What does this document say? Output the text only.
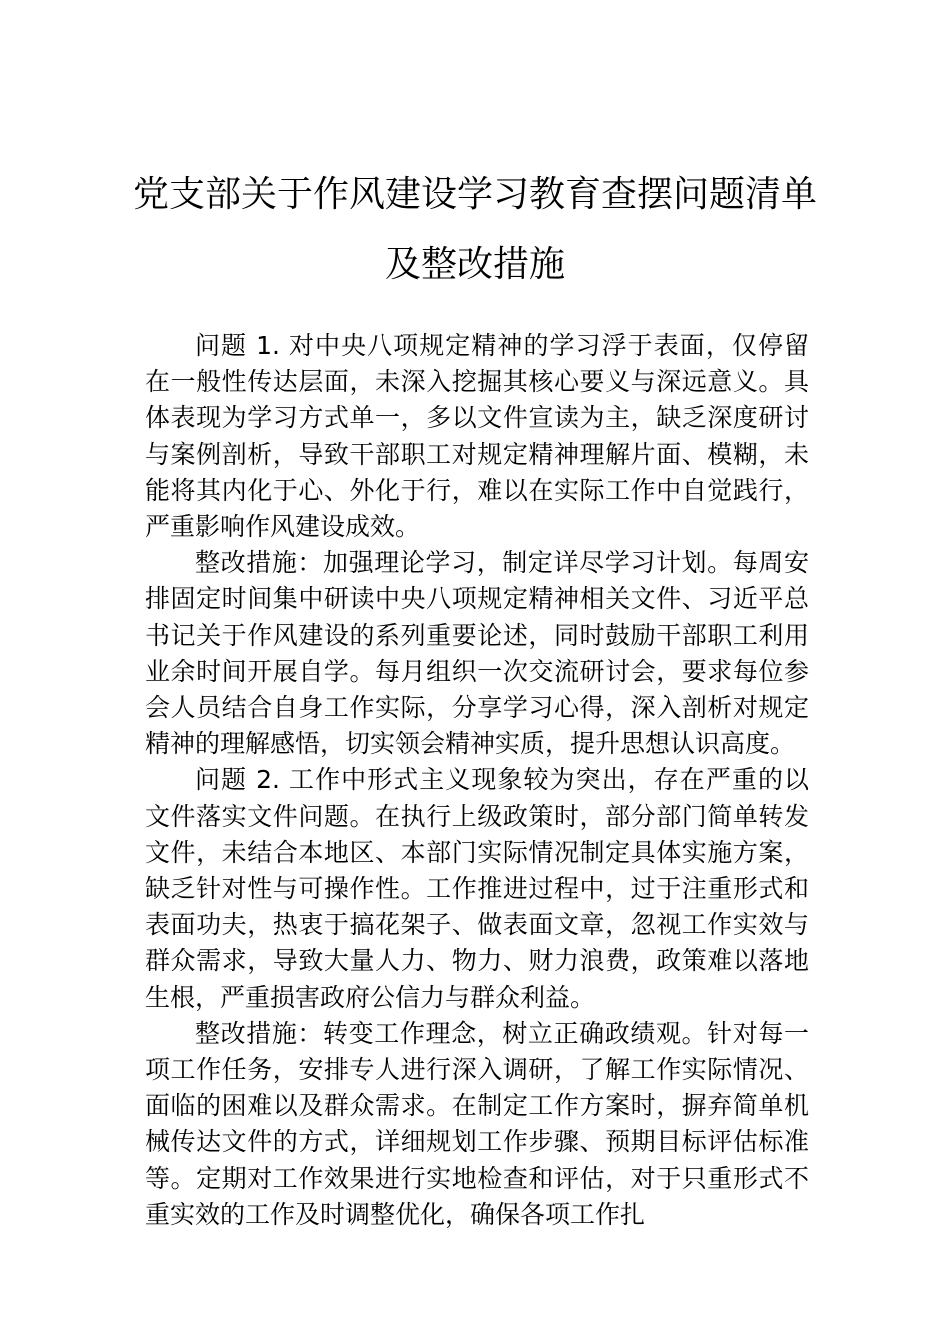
党支部关于作风建设学习教育查摆问题清单及整改措施

问题 1. 对中央八项规定精神的学习浮于表面，仅停留在一般性传达层面，未深入挖掘其核心要义与深远意义。具体表现为学习方式单一，多以文件宣读为主，缺乏深度研讨与案例剖析，导致干部职工对规定精神理解片面、模糊，未能将其内化于心、外化于行，难以在实际工作中自觉践行，严重影响作风建设成效。

整改措施：加强理论学习，制定详尽学习计划。每周安排固定时间集中研读中央八项规定精神相关文件、习近平总书记关于作风建设的系列重要论述，同时鼓励干部职工利用业余时间开展自学。每月组织一次交流研讨会，要求每位参会人员结合自身工作实际，分享学习心得，深入剖析对规定精神的理解感悟，切实领会精神实质，提升思想认识高度。

问题 2. 工作中形式主义现象较为突出，存在严重的以文件落实文件问题。在执行上级政策时，部分部门简单转发文件，未结合本地区、本部门实际情况制定具体实施方案，缺乏针对性与可操作性。工作推进过程中，过于注重形式和表面功夫，热衷于搞花架子、做表面文章，忽视工作实效与群众需求，导致大量人力、物力、财力浪费，政策难以落地生根，严重损害政府公信力与群众利益。

整改措施：转变工作理念，树立正确政绩观。针对每一项工作任务，安排专人进行深入调研，了解工作实际情况、面临的困难以及群众需求。在制定工作方案时，摒弃简单机械传达文件的方式，详细规划工作步骤、预期目标评估标准等。定期对工作效果进行实地检查和评估，对于只重形式不重实效的工作及时调整优化，确保各项工作扎
